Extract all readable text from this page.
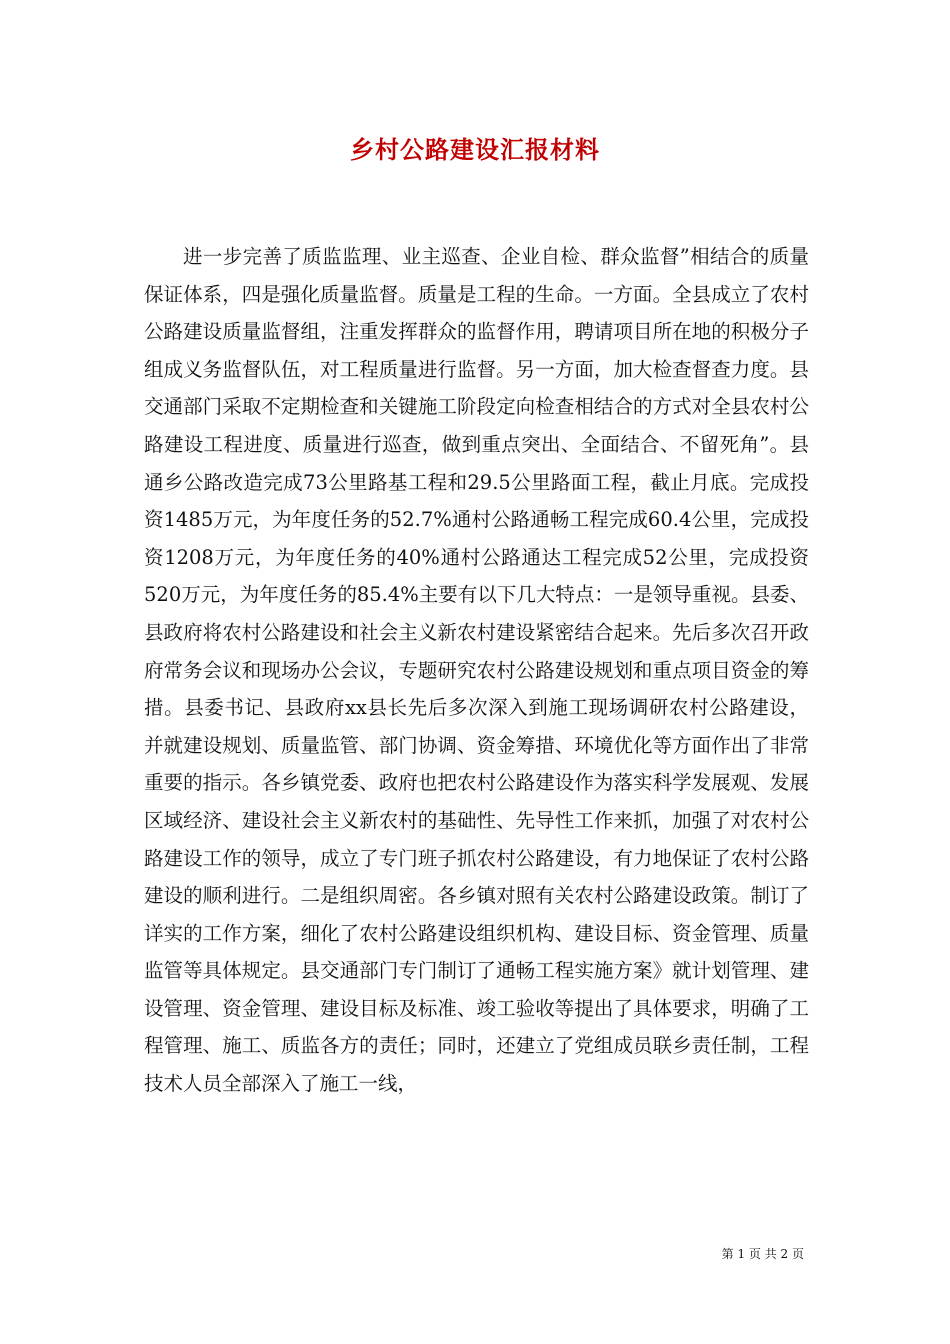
乡村公路建设汇报材料

进一步完善了质监监理、业主巡查、企业自检、群众监督”相结合的质量保证体系，四是强化质量监督。质量是工程的生命。一方面。全县成立了农村公路建设质量监督组，注重发挥群众的监督作用，聘请项目所在地的积极分子组成义务监督队伍，对工程质量进行监督。另一方面，加大检查督查力度。县交通部门采取不定期检查和关键施工阶段定向检查相结合的方式对全县农村公路建设工程进度、质量进行巡查，做到重点突出、全面结合、不留死角”。县通乡公路改造完成73公里路基工程和29.5公里路面工程，截止月底。完成投资1485万元，为年度任务的52.7%通村公路通畅工程完成60.4公里，完成投资1208万元，为年度任务的40%通村公路通达工程完成52公里，完成投资520万元，为年度任务的85.4%主要有以下几大特点：一是领导重视。县委、县政府将农村公路建设和社会主义新农村建设紧密结合起来。先后多次召开政府常务会议和现场办公会议，专题研究农村公路建设规划和重点项目资金的筹措。县委书记、县政府xx县长先后多次深入到施工现场调研农村公路建设，并就建设规划、质量监管、部门协调、资金筹措、环境优化等方面作出了非常重要的指示。各乡镇党委、政府也把农村公路建设作为落实科学发展观、发展区域经济、建设社会主义新农村的基础性、先导性工作来抓，加强了对农村公路建设工作的领导，成立了专门班子抓农村公路建设，有力地保证了农村公路建设的顺利进行。二是组织周密。各乡镇对照有关农村公路建设政策。制订了详实的工作方案，细化了农村公路建设组织机构、建设目标、资金管理、质量监管等具体规定。县交通部门专门制订了通畅工程实施方案》就计划管理、建设管理、资金管理、建设目标及标准、竣工验收等提出了具体要求，明确了工程管理、施工、质监各方的责任；同时，还建立了党组成员联乡责任制，工程技术人员全部深入了施工一线，

第 1 页 共 2 页
